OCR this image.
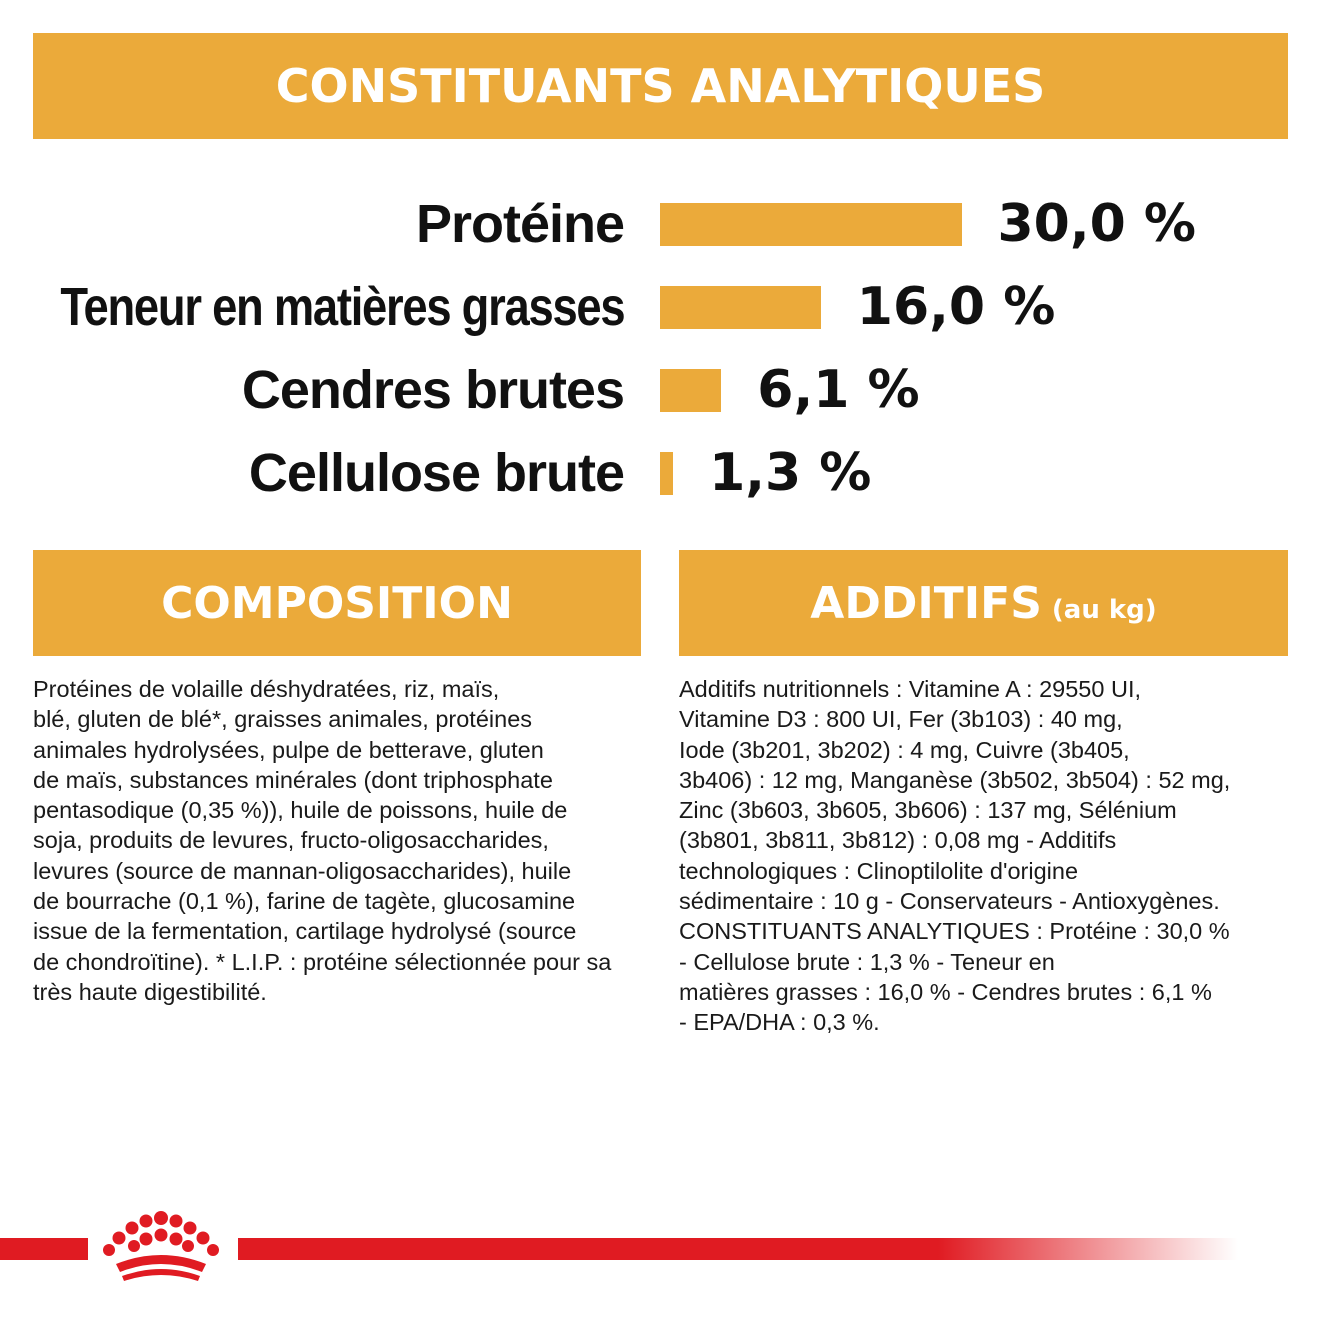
CONSTITUANTS ANALYTIQUES
Protéine	30,0 %
Teneur en matières grasses	16,0 %
Cendres brutes	6,1 %
Cellulose brute 1,3 %
COMPOSITION	ADDITIFS (au kg)
Protéines de volaille déshydratées, riz, maïs,
blé, gluten de blé*, graisses animales, protéines
animales hydrolysées, pulpe de betterave, gluten
de maïs, substances minérales (dont triphosphate
pentasodique (0,35 %)), huile de poissons, huile de
soja, produits de levures, fructo-oligosaccharides,
levures (source de mannan-oligosaccharides), huile
de bourrache (0,1 %), farine de tagète, glucosamine
issue de la fermentation, cartilage hydrolysé (source
de chondroïtine). * L.I.P. : protéine sélectionnée pour sa
très haute digestibilité.
Additifs nutritionnels : Vitamine A : 29550 UI,
Vitamine D3 : 800 UI, Fer (3b103) : 40 mg,
Iode (3b201, 3b202) : 4 mg, Cuivre (3b405,
3b406) : 12 mg, Manganèse (3b502, 3b504) : 52 mg,
Zinc (3b603, 3b605, 3b606) : 137 mg, Sélénium
(3b801, 3b811, 3b812) : 0,08 mg - Additifs
technologiques : Clinoptilolite d'origine
sédimentaire : 10 g - Conservateurs - Antioxygènes.
CONSTITUANTS ANALYTIQUES : Protéine : 30,0 %
- Cellulose brute : 1,3 % - Teneur en
matières grasses : 16,0 % - Cendres brutes : 6,1 %
- EPA/DHA : 0,3 %.
